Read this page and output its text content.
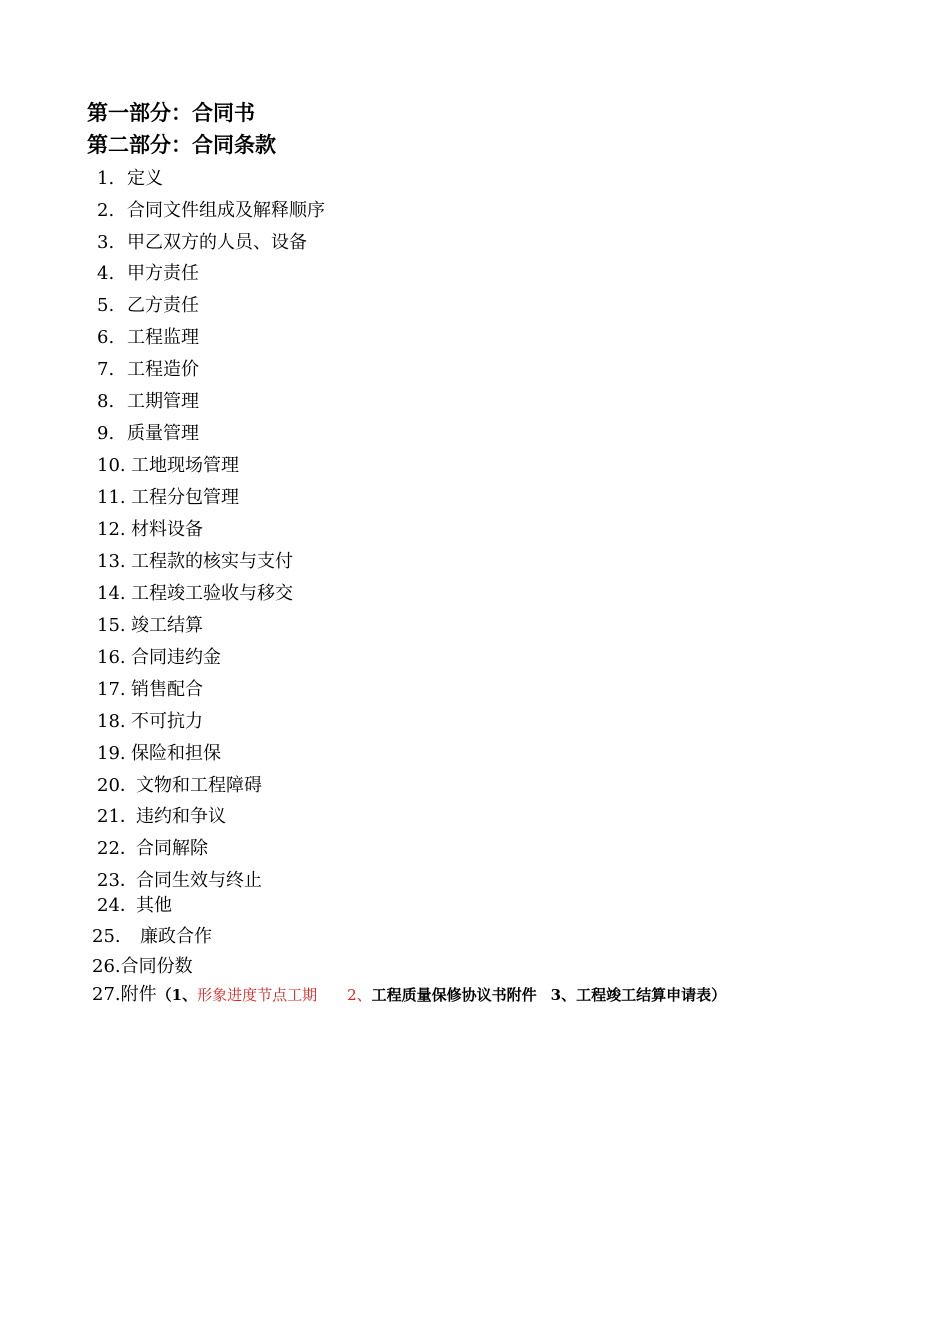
第一部分：合同书
第二部分：合同条款
1. 定义
2. 合同文件组成及解释顺序
3. 甲乙双方的人员、设备
4. 甲方责任
5. 乙方责任
6. 工程监理
7. 工程造价
8. 工期管理
9. 质量管理
10. 工地现场管理
11. 工程分包管理
12. 材料设备
13. 工程款的核实与支付
14. 工程竣工验收与移交
15. 竣工结算
16. 合同违约金
17. 销售配合
18. 不可抗力
19. 保险和担保
20．文物和工程障碍
21．违约和争议
22．合同解除
23．合同生效与终止
24．其他
25. 廉政合作
26.合同份数
27.附件（1、形象进度节点工期 2、工程质量保修协议书附件 3、工程竣工结算申请表）
